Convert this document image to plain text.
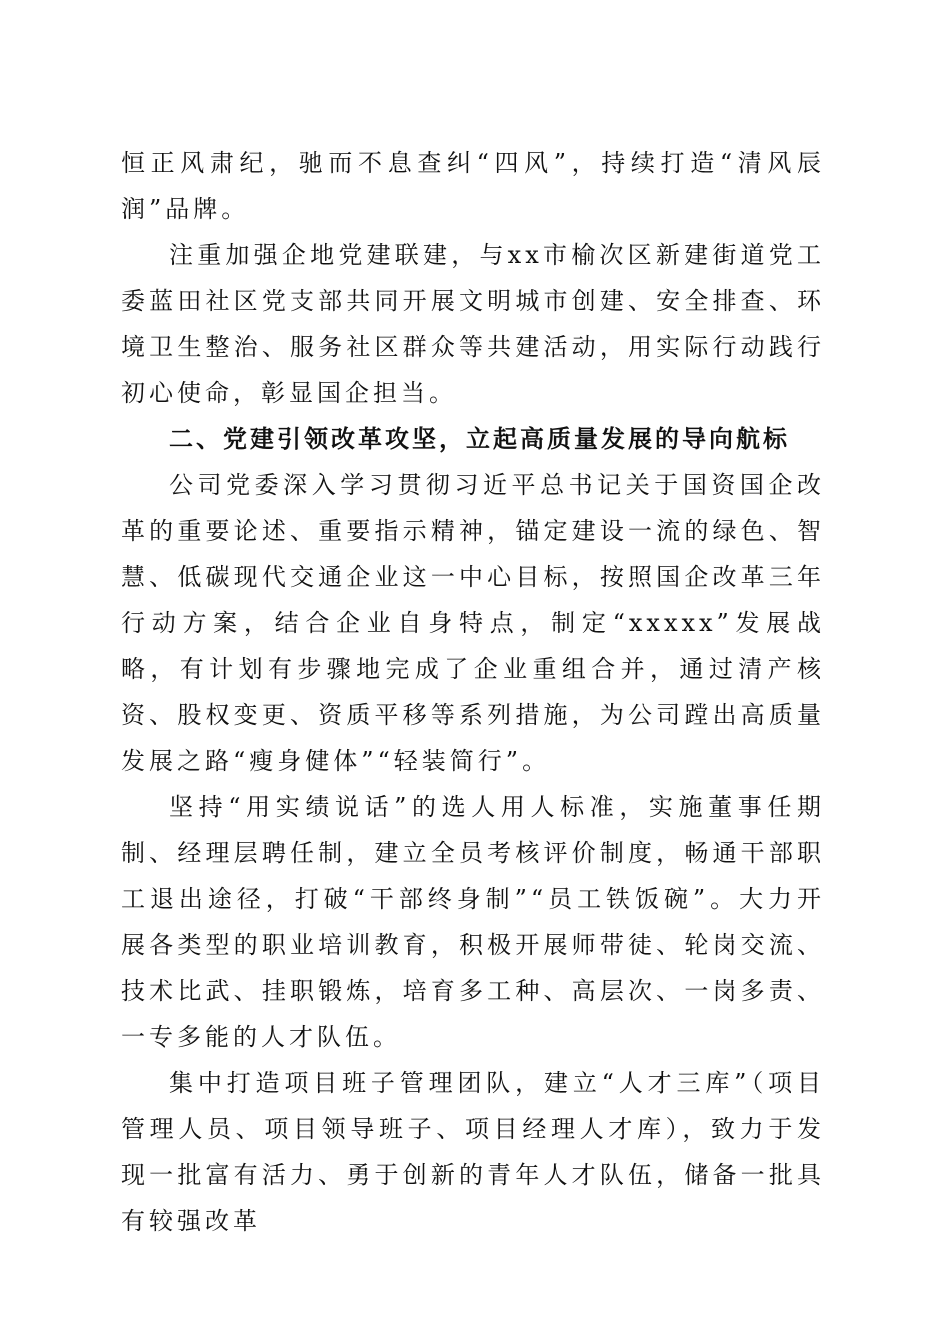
恒正风肃纪，驰而不息查纠“四风”，持续打造“清风辰润”品牌。

注重加强企地党建联建，与xx市榆次区新建街道党工委蓝田社区党支部共同开展文明城市创建、安全排查、环境卫生整治、服务社区群众等共建活动，用实际行动践行初心使命，彰显国企担当。

二、党建引领改革攻坚，立起高质量发展的导向航标

公司党委深入学习贯彻习近平总书记关于国资国企改革的重要论述、重要指示精神，锚定建设一流的绿色、智慧、低碳现代交通企业这一中心目标，按照国企改革三年行动方案，结合企业自身特点，制定“xxxxx”发展战略，有计划有步骤地完成了企业重组合并，通过清产核资、股权变更、资质平移等系列措施，为公司蹚出高质量发展之路“瘦身健体”“轻装简行”。

坚持“用实绩说话”的选人用人标准，实施董事任期制、经理层聘任制，建立全员考核评价制度，畅通干部职工退出途径，打破“干部终身制”“员工铁饭碗”。大力开展各类型的职业培训教育，积极开展师带徒、轮岗交流、技术比武、挂职锻炼，培育多工种、高层次、一岗多责、一专多能的人才队伍。

集中打造项目班子管理团队，建立“人才三库”（项目管理人员、项目领导班子、项目经理人才库），致力于发现一批富有活力、勇于创新的青年人才队伍，储备一批具有较强改革
